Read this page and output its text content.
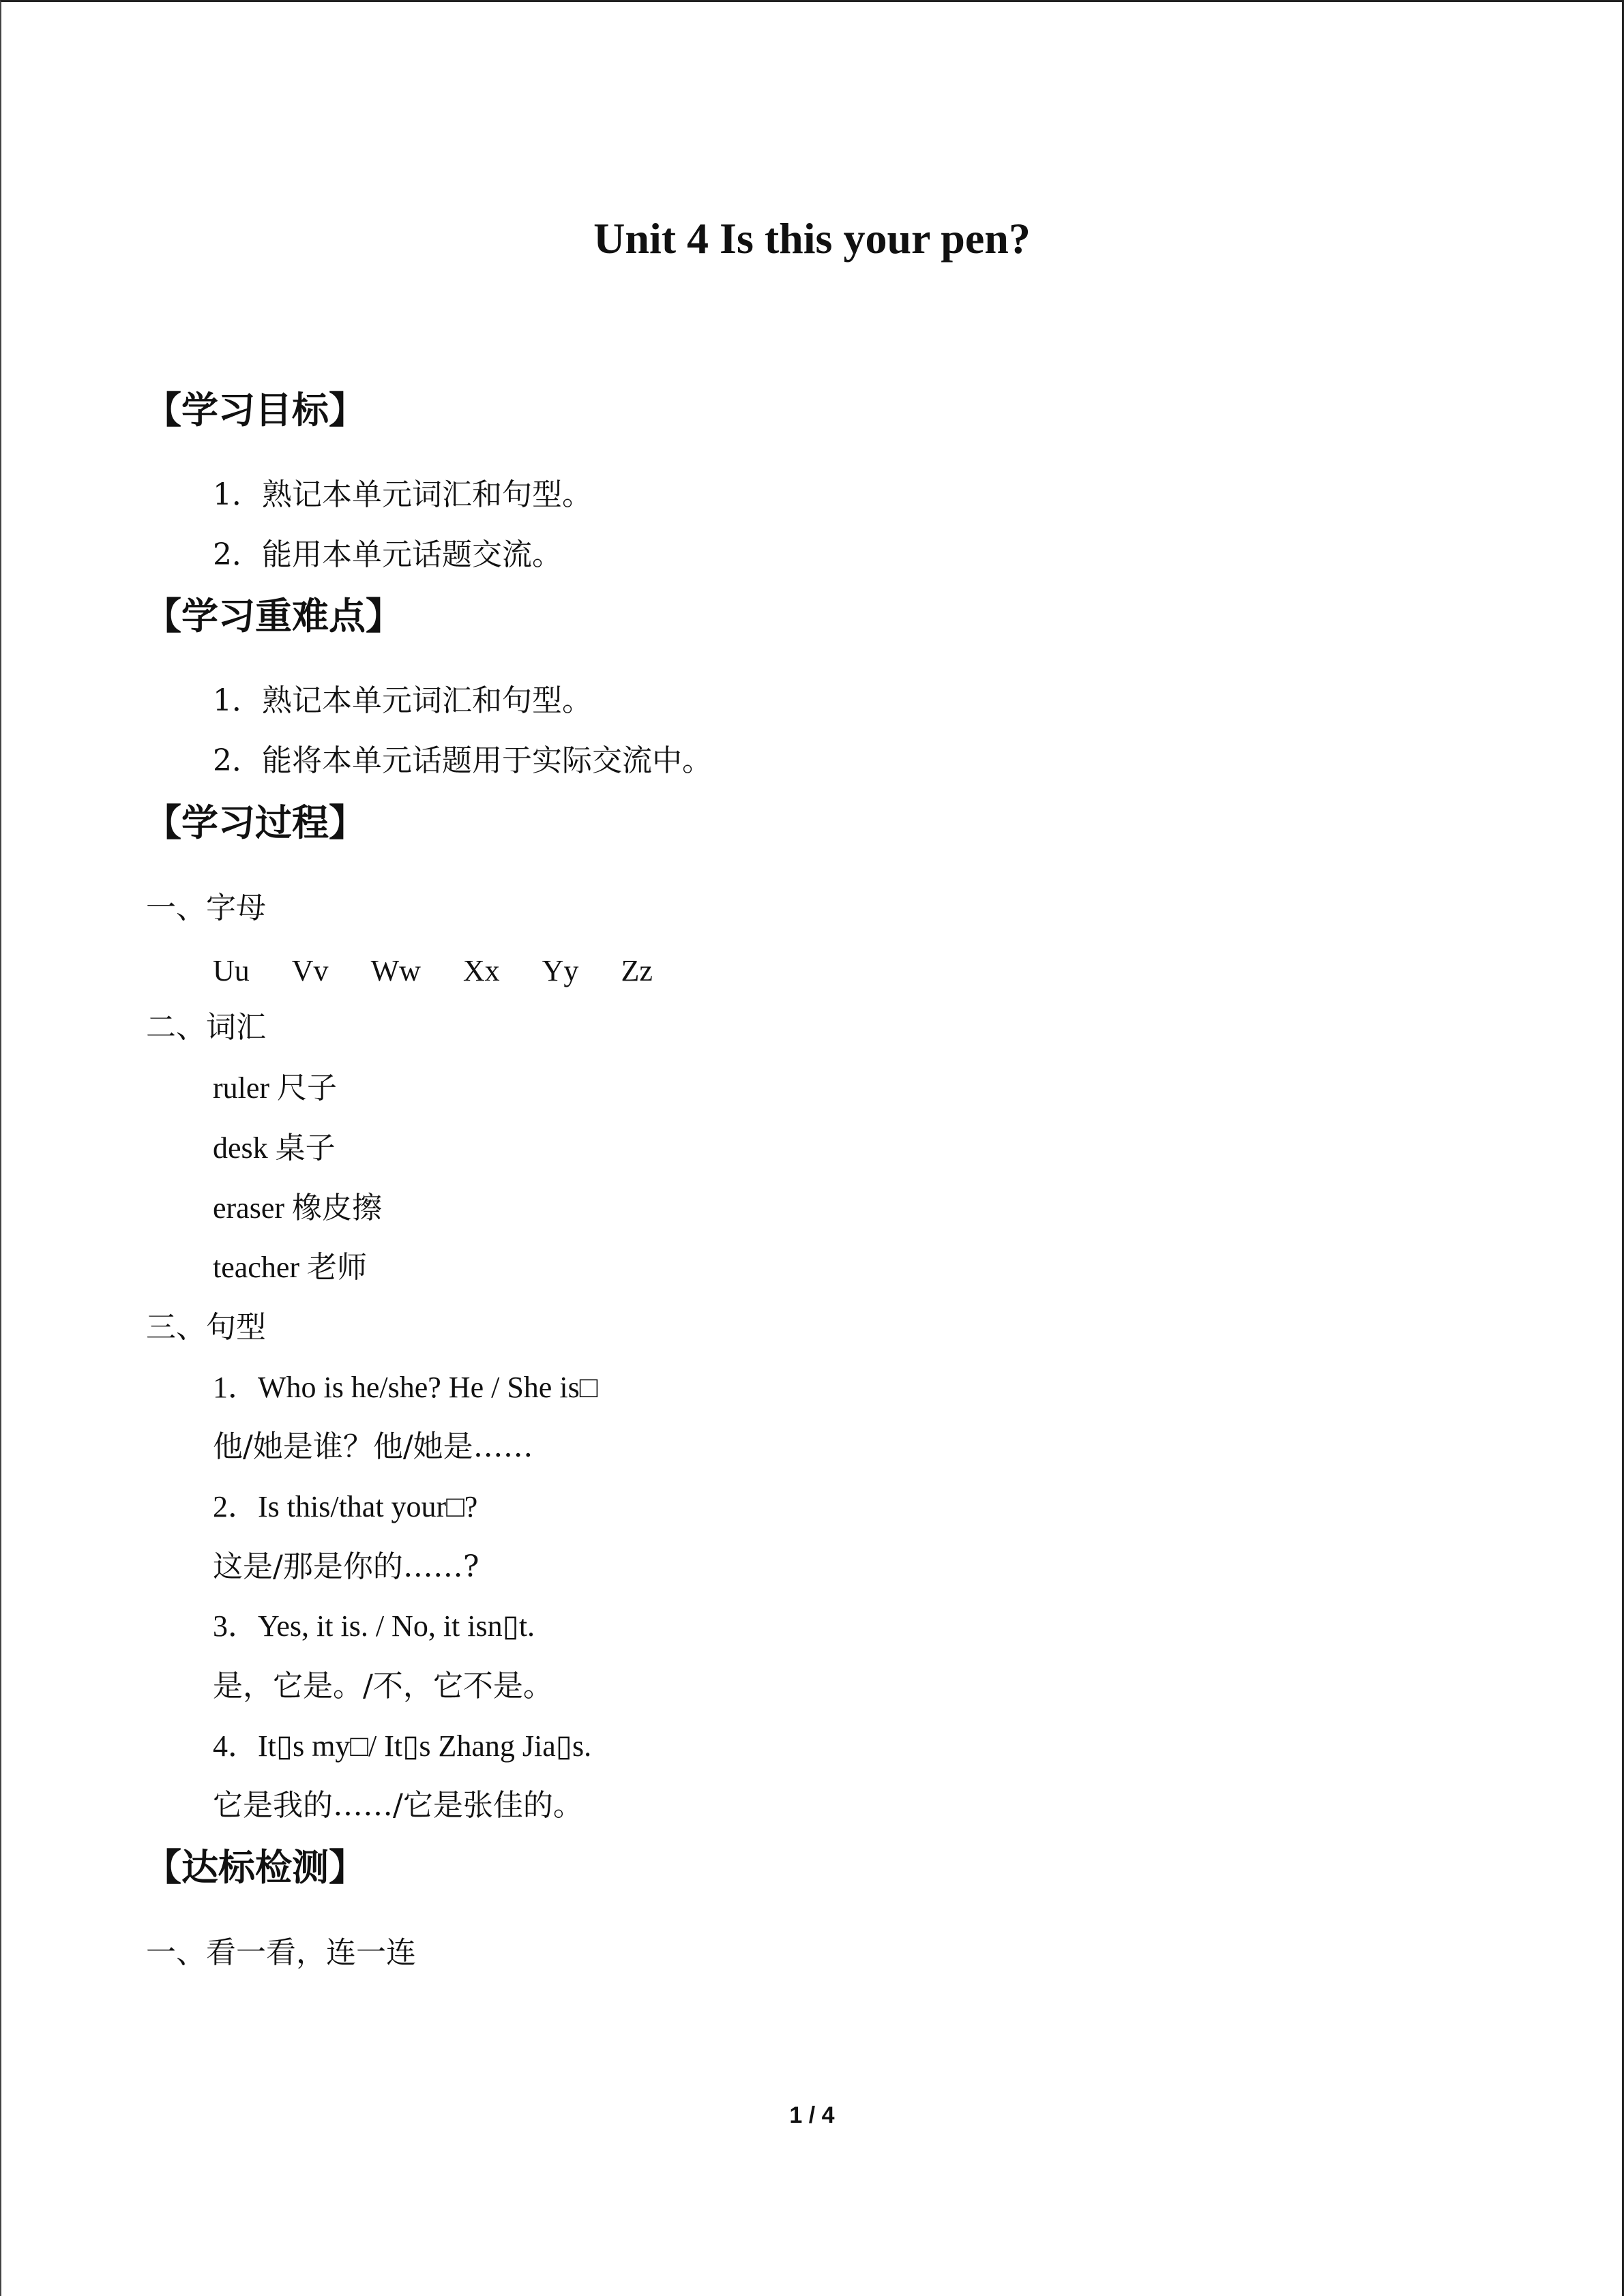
Unit 4 Is this your pen?
【学习目标】
1．熟记本单元词汇和句型。
2．能用本单元话题交流。
【学习重难点】
1．熟记本单元词汇和句型。
2．能将本单元话题用于实际交流中。
【学习过程】
一、字母
Uu Vv Ww Xx Yy Zz
二、词汇
ruler 尺子
desk 桌子
eraser 橡皮擦
teacher 老师
三、句型
1．Who is he/she? He / She is□
他/她是谁？他/她是……
2．Is this/that your□?
这是/那是你的……?
3．Yes, it is. / No, it isn▯t.
是，它是。/不，它不是。
4．It▯s my□/ It▯s Zhang Jia▯s.
它是我的……/它是张佳的。
【达标检测】
一、看一看，连一连
1 / 4
